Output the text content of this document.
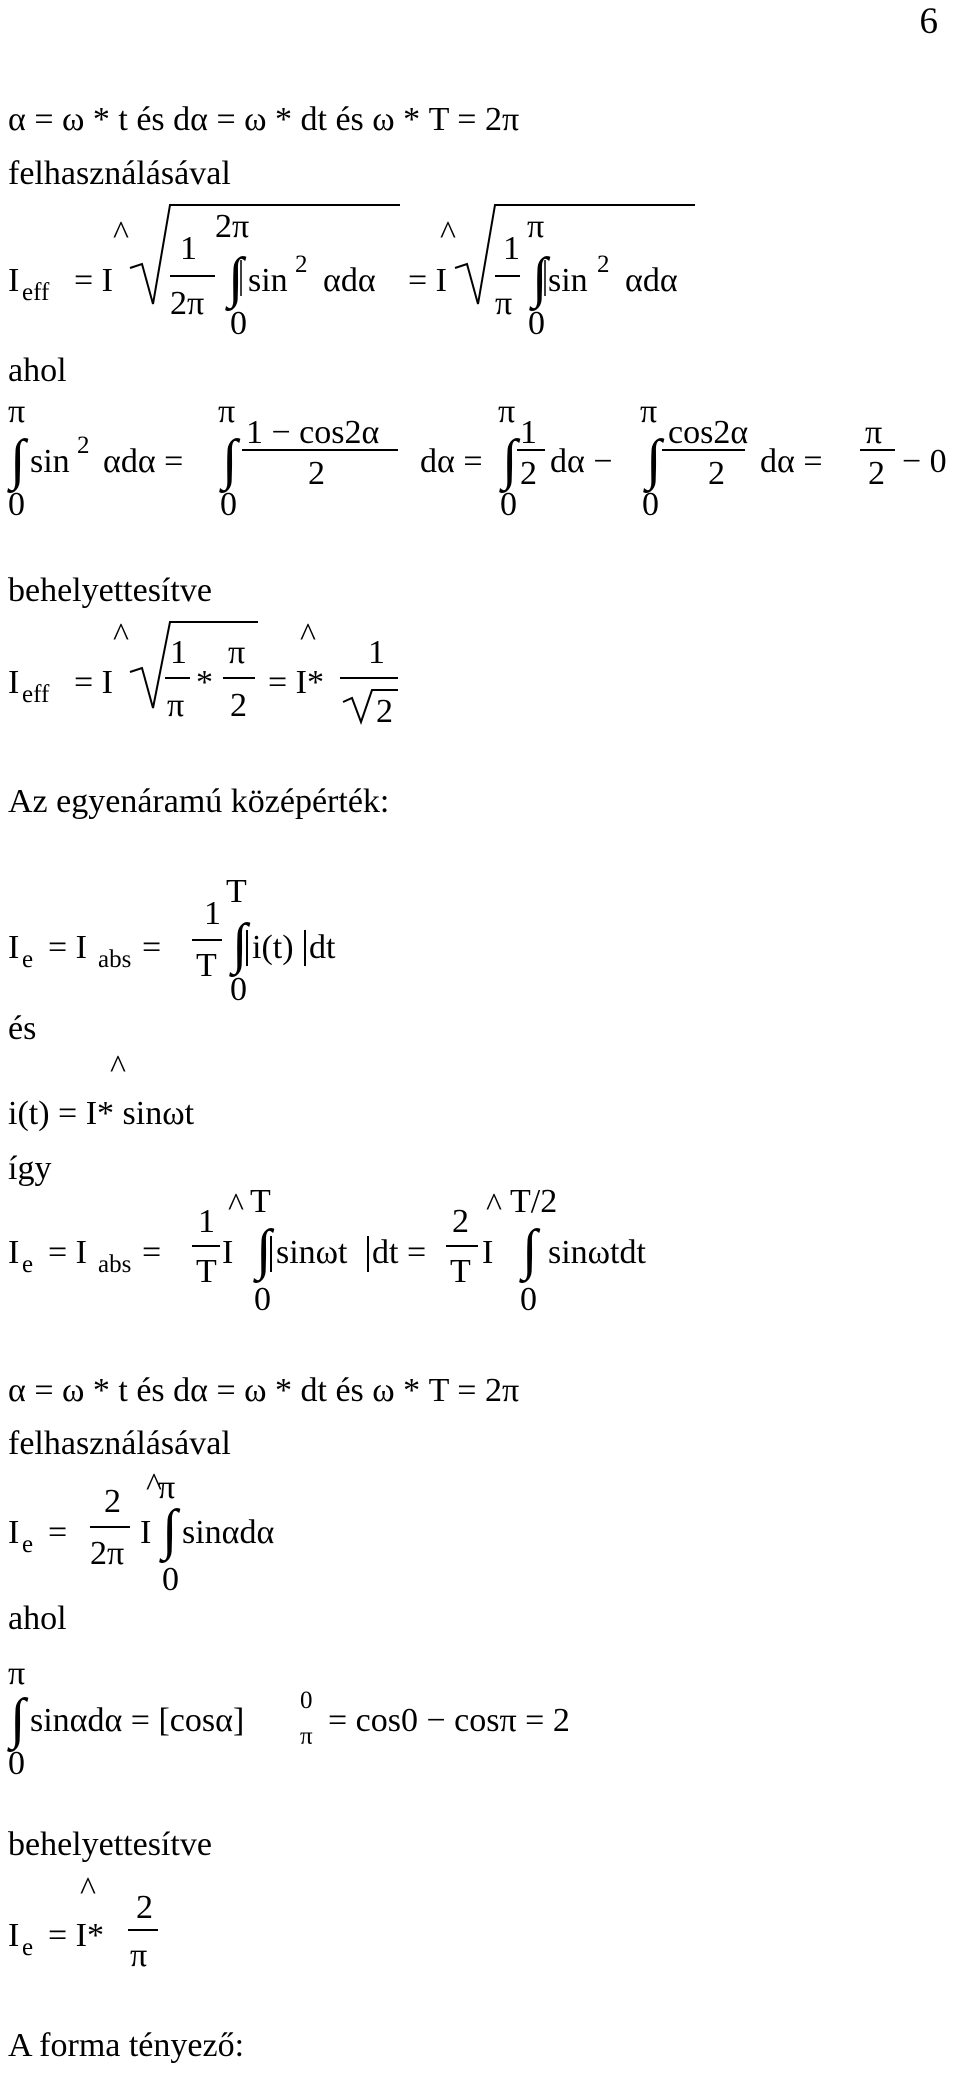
6
α = ω * t és dα = ω * dt és ω * T = 2π
felhasználásával
I eff = I
^ 1
2π
2π
∫ sin 2 αdα
0
= I
^ 1
π
π
∫ sin 2 αdα
0
π
∫ sin 2 αdα =
0
π
∫ 1 − cos2α
2
0
dα =
π
∫ 1
2
0
dα −
π
∫ cos2α
2
0
dα =
π
2 − 0
I eff = I
^ 1
π
*
π
2
= I*
^ 1
2
I e = I abs =
1
T
T
∫ i(t) dt
0
i(t) = I* sinωt
^
I e = I abs =
1
T
I
^ T
∫ sinωt dt =
2
T
I
^ T/2
∫ sinωtdt
0
0
I e =
2
2π
I
^
π
∫ sinαdα
0
π
∫ sinαdα = [cosα]
0
π = cos0 − cosπ = 2
0
I e = I*
^ 2
π
ahol
behelyettesítve
Az egyenáramú középérték:
és
így
α = ω * t és dα = ω * dt és ω * T = 2π
felhasználásával
ahol
behelyettesítve
A forma tényező:
